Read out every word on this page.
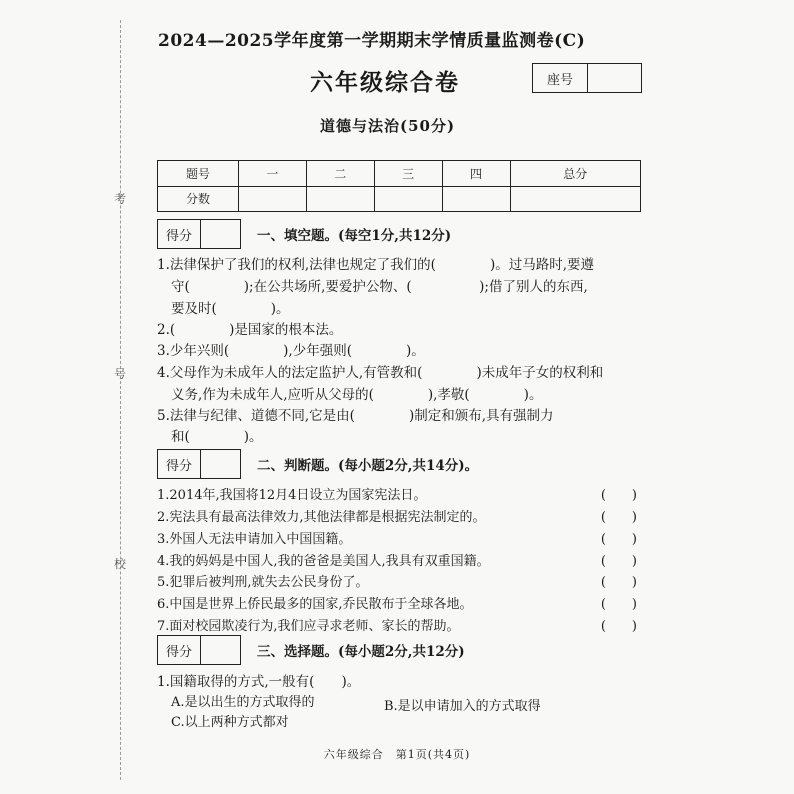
考
号
校
2024—2025学年度第一学期期末学情质量监测卷(C)
六年级综合卷	座号
道德与法治(50分)
题号	一	二	三	四	总分
分数					
得分	一、填空题。(每空1分,共12分)
1.法律保护了我们的权利,法律也规定了我们的(　　　　)。过马路时,要遵
守(　　　　);在公共场所,要爱护公物、(　　　　　);借了别人的东西,
要及时(　　　　)。
2.(　　　　)是国家的根本法。
3.少年兴则(　　　　),少年强则(　　　　)。
4.父母作为未成年人的法定监护人,有管教和(　　　　)未成年子女的权利和
义务,作为未成年人,应听从父母的(　　　　),孝敬(　　　　)。
5.法律与纪律、道德不同,它是由(　　　　)制定和颁布,具有强制力
和(　　　　)。
得分	二、判断题。(每小题2分,共14分)。
1.2014年,我国将12月4日设立为国家宪法日。	(　　)
2.宪法具有最高法律效力,其他法律都是根据宪法制定的。	(　　)
3.外国人无法申请加入中国国籍。	(　　)
4.我的妈妈是中国人,我的爸爸是美国人,我具有双重国籍。	(　　)
5.犯罪后被判刑,就失去公民身份了。	(　　)
6.中国是世界上侨民最多的国家,乔民散布于全球各地。	(　　)
7.面对校园欺凌行为,我们应寻求老师、家长的帮助。	(　　)
得分	三、选择题。(每小题2分,共12分)
1.国籍取得的方式,一般有(　　)。
A.是以出生的方式取得的	B.是以申请加入的方式取得
C.以上两种方式都对
六年级综合　第1页(共4页)
